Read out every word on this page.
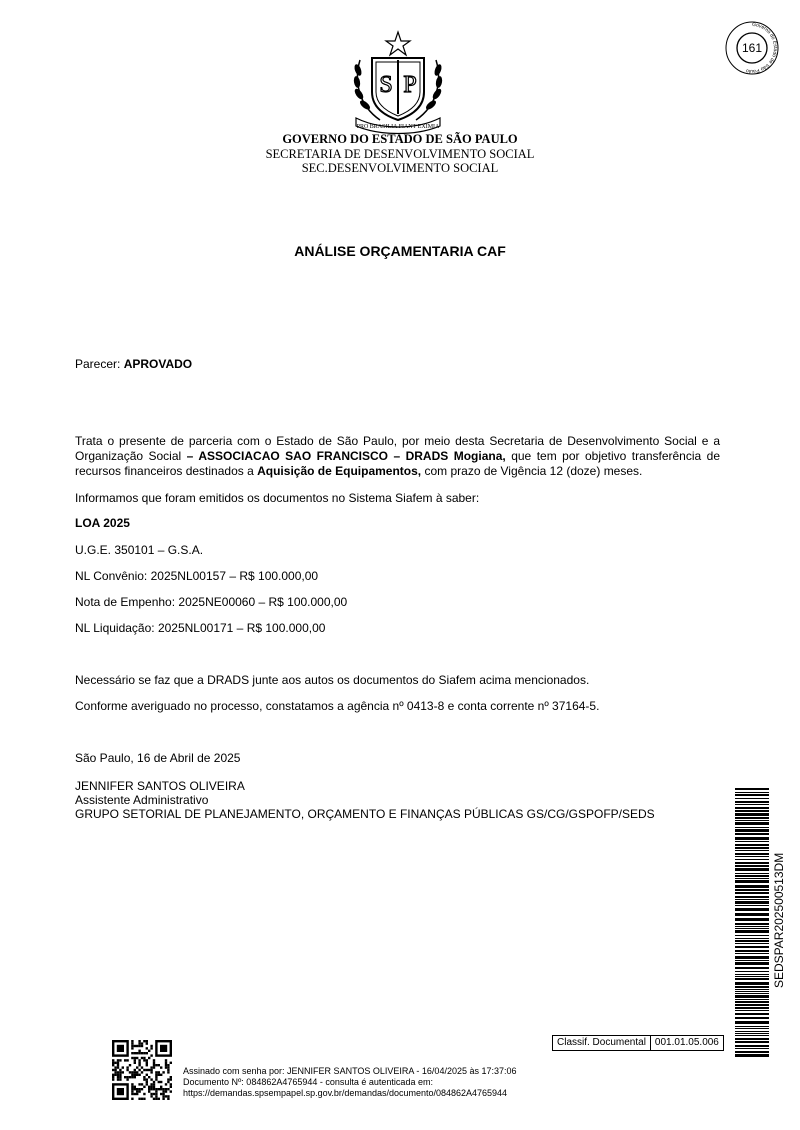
S P
PRO BRASILIA FIANT EXIMIA
GOVERNO DO ESTADO DE SÃO PAULO
SECRETARIA DE DESENVOLVIMENTO SOCIAL
SEC.DESENVOLVIMENTO SOCIAL
Governo do Estado de São Paulo
161
ANÁLISE ORÇAMENTARIA CAF
Parecer: APROVADO
Trata o presente de parceria com o Estado de São Paulo, por meio desta Secretaria de Desenvolvimento Social e a Organização Social – ASSOCIACAO SAO FRANCISCO – DRADS Mogiana, que tem por objetivo transferência de recursos financeiros destinados a Aquisição de Equipamentos, com prazo de Vigência 12 (doze) meses.
Informamos que foram emitidos os documentos no Sistema Siafem à saber:
LOA 2025
U.G.E. 350101 – G.S.A.
NL Convênio: 2025NL00157 – R$ 100.000,00
Nota de Empenho: 2025NE00060 – R$ 100.000,00
NL Liquidação: 2025NL00171 – R$ 100.000,00
Necessário se faz que a DRADS junte aos autos os documentos do Siafem acima mencionados.
Conforme averiguado no processo, constatamos a agência nº 0413-8 e conta corrente nº 37164-5.
São Paulo, 16 de Abril de 2025
JENNIFER SANTOS OLIVEIRA
Assistente Administrativo
GRUPO SETORIAL DE PLANEJAMENTO, ORÇAMENTO E FINANÇAS PÚBLICAS GS/CG/GSPOFP/SEDS
SEDSPAR202500513DM
Classif. Documental 001.01.05.006
Assinado com senha por: JENNIFER SANTOS OLIVEIRA - 16/04/2025 às 17:37:06
Documento Nº: 084862A4765944 - consulta é autenticada em:
https://demandas.spsempapel.sp.gov.br/demandas/documento/084862A4765944
